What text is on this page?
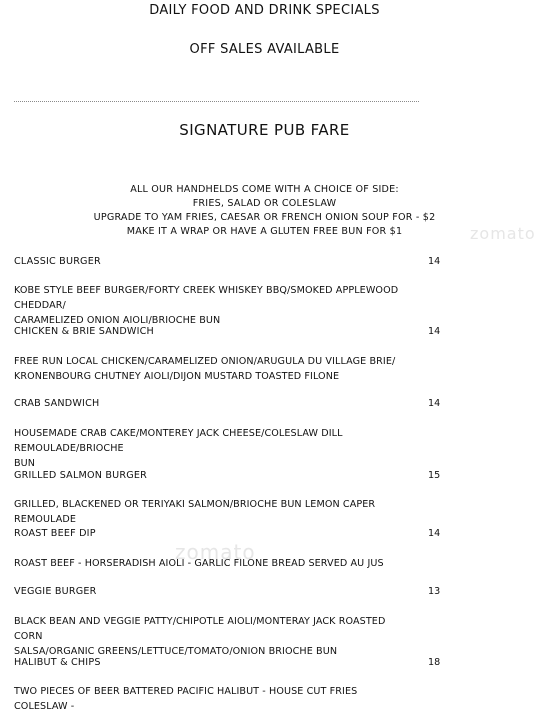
DAILY FOOD AND DRINK SPECIALS
OFF SALES AVAILABLE
SIGNATURE PUB FARE
ALL OUR HANDHELDS COME WITH A CHOICE OF SIDE:
FRIES, SALAD OR COLESLAW
UPGRADE TO YAM FRIES, CAESAR OR FRENCH ONION SOUP FOR - $2
MAKE IT A WRAP OR HAVE A GLUTEN FREE BUN FOR $1	zomato
zomato
CLASSIC BURGER	14
KOBE STYLE BEEF BURGER/FORTY CREEK WHISKEY BBQ/SMOKED APPLEWOOD CHEDDAR/
CARAMELIZED ONION AIOLI/BRIOCHE BUN
CHICKEN & BRIE SANDWICH	14
FREE RUN LOCAL CHICKEN/CARAMELIZED ONION/ARUGULA DU VILLAGE BRIE/
KRONENBOURG CHUTNEY AIOLI/DIJON MUSTARD TOASTED FILONE
CRAB SANDWICH	14
HOUSEMADE CRAB CAKE/MONTEREY JACK CHEESE/COLESLAW DILL REMOULADE/BRIOCHE
BUN
GRILLED SALMON BURGER	15
GRILLED, BLACKENED OR TERIYAKI SALMON/BRIOCHE BUN LEMON CAPER REMOULADE
ROAST BEEF DIP	14
ROAST BEEF - HORSERADISH AIOLI - GARLIC FILONE BREAD SERVED AU JUS
VEGGIE BURGER	13
BLACK BEAN AND VEGGIE PATTY/CHIPOTLE AIOLI/MONTERAY JACK ROASTED CORN
SALSA/ORGANIC GREENS/LETTUCE/TOMATO/ONION BRIOCHE BUN
HALIBUT & CHIPS	18
TWO PIECES OF BEER BATTERED PACIFIC HALIBUT - HOUSE CUT FRIES COLESLAW -
